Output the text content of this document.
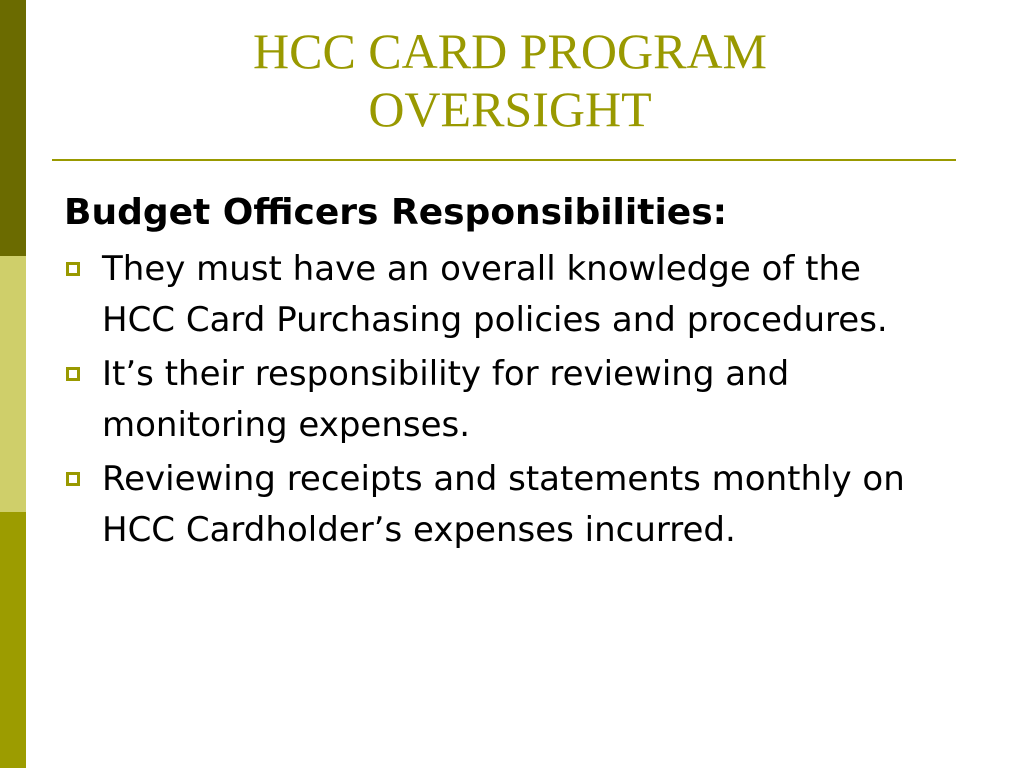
HCC CARD PROGRAM
OVERSIGHT
Budget Officers Responsibilities:
They must have an overall knowledge of the HCC Card Purchasing policies and procedures.
It’s their responsibility for reviewing and monitoring expenses.
Reviewing receipts and statements monthly on HCC Cardholder’s expenses incurred.
